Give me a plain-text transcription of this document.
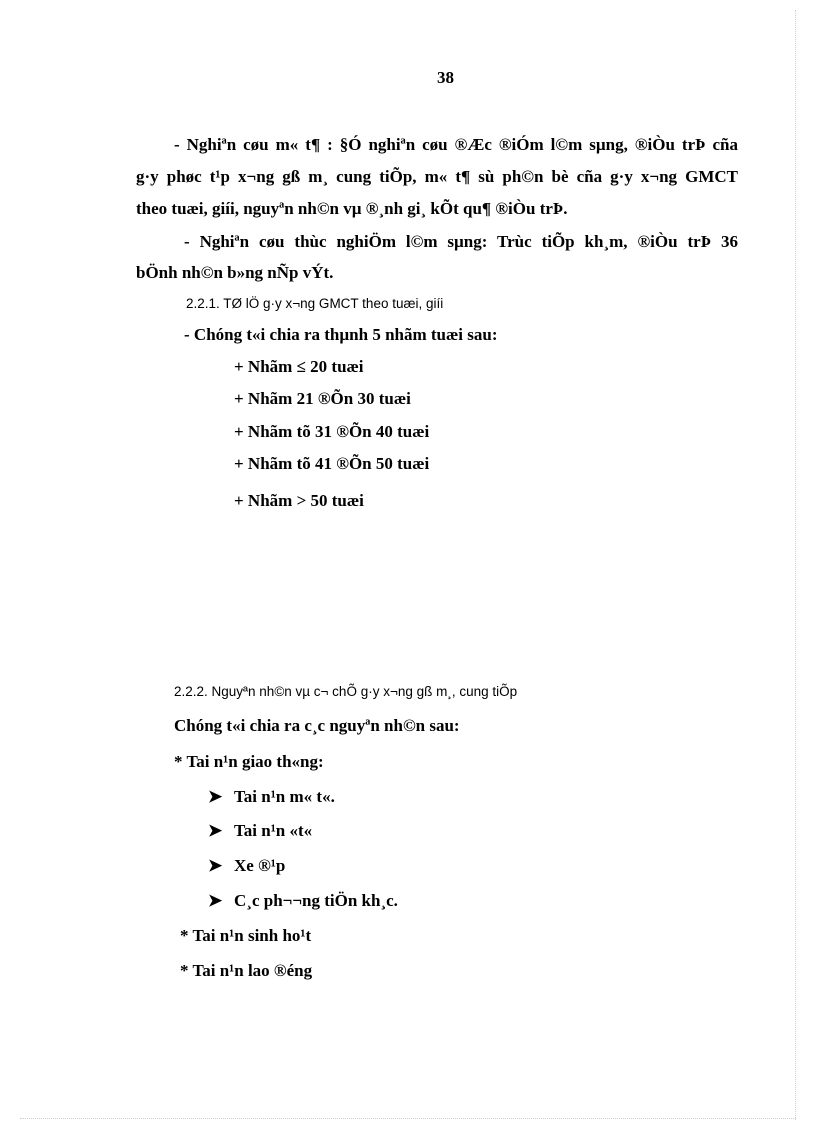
38
- Nghiªn cøu m« t¶ : §Ó nghiªn cøu ®Æc ®iÓm l©m sµng, ®iÒu trÞ cña
g·y phøc t¹p x¬ng gß m¸ cung tiÕp, m« t¶ sù ph©n bè cña g·y x¬ng GMCT
theo tuæi, giíi, nguyªn nh©n vµ ®¸nh gi¸ kÕt qu¶ ®iÒu trÞ.
- Nghiªn cøu thùc nghiÖm l©m sµng: Trùc tiÕp kh¸m, ®iÒu trÞ 36
bÖnh nh©n b»ng nÑp vÝt.
2.2.1. TØ lÖ g·y x¬ng GMCT theo tuæi, giíi
- Chóng t«i chia ra thµnh 5 nhãm tuæi sau:
+ Nhãm ≤ 20 tuæi
+ Nhãm 21 ®Õn 30 tuæi
+ Nhãm tõ 31 ®Õn 40 tuæi
+ Nhãm tõ 41 ®Õn 50 tuæi
+ Nhãm > 50 tuæi
2.2.2. Nguyªn nh©n vµ c¬ chÕ g·y x¬ng gß m¸, cung tiÕp
Chóng t«i chia ra c¸c nguyªn nh©n sau:
* Tai n¹n giao th«ng:
➤ Tai n¹n m« t«.
➤ Tai n¹n «t«
➤ Xe ®¹p
➤ C¸c ph¬¬ng tiÖn kh¸c.
* Tai n¹n sinh ho¹t
* Tai n¹n lao ®éng
